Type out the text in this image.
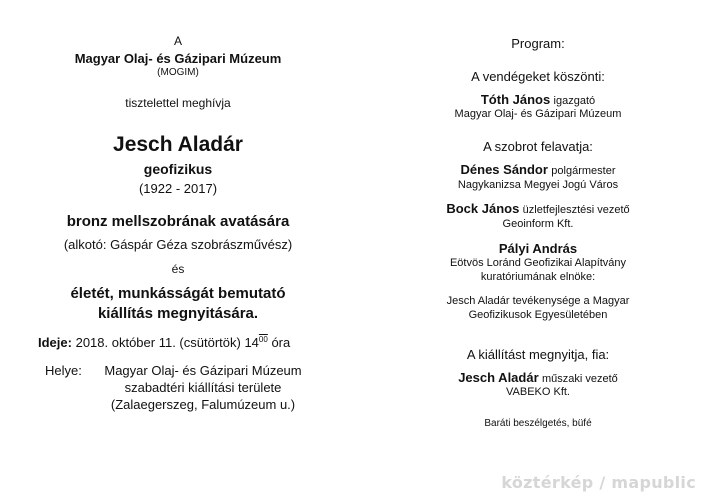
A
Magyar Olaj- és Gázipari Múzeum
(MOGIM)
tisztelettel meghívja
Jesch Aladár
geofizikus
(1922 - 2017)
bronz mellszobrának avatására
(alkotó: Gáspár Géza szobrászművész)
és
életét, munkásságát bemutató
kiállítás megnyitására.
Ideje: 2018. október 11. (csütörtök) $14^{00}$ óra
Helye: Magyar Olaj- és Gázipari Múzeum
szabadtéri kiállítási területe
(Zalaegerszeg, Falumúzeum u.)
Program:
A vendégeket köszönti:
Tóth János igazgató
Magyar Olaj- és Gázipari Múzeum
A szobrot felavatja:
Dénes Sándor polgármester
Nagykanizsa Megyei Jogú Város
Bock János üzletfejlesztési vezető
Geoinform Kft.
Pályi András
Eötvös Loránd Geofizikai Alapítvány
kuratóriumának elnöke:
Jesch Aladár tevékenysége a Magyar
Geofizikusok Egyesületében
A kiállítást megnyitja, fia:
Jesch Aladár műszaki vezető
VABEKO Kft.
Baráti beszélgetés, büfé
köztérkép / mapublic
